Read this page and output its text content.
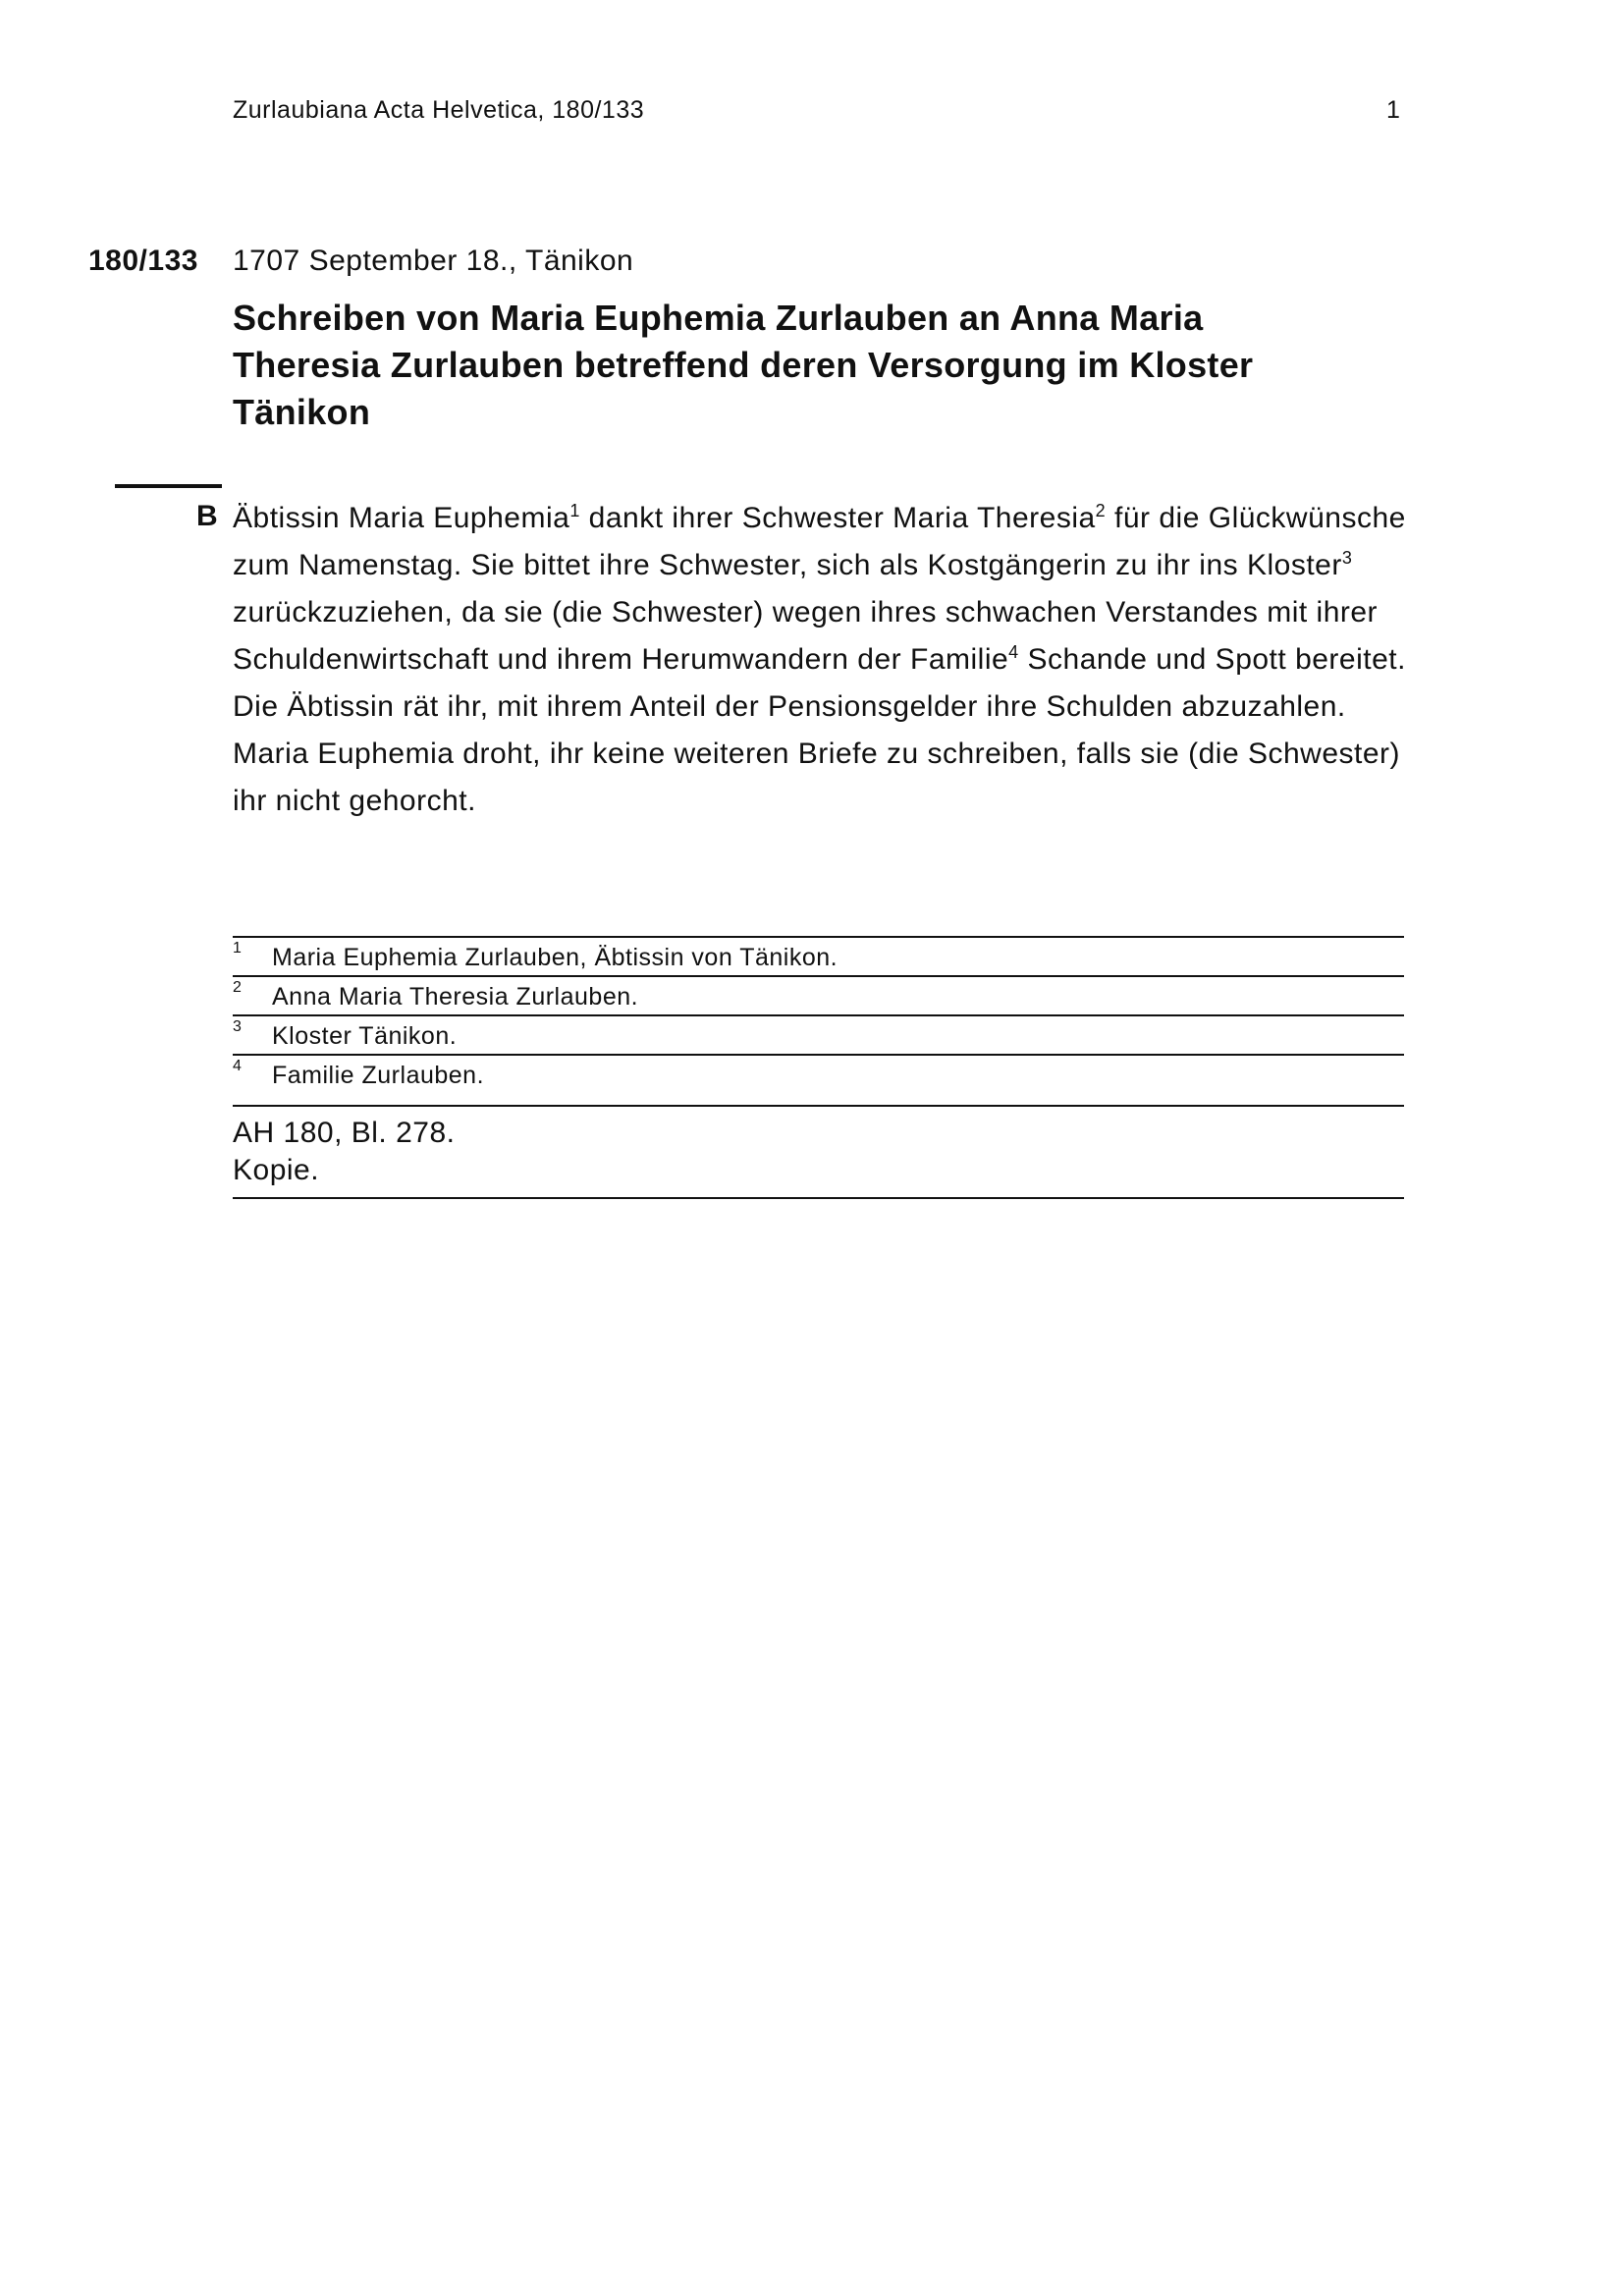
Zurlaubiana Acta Helvetica, 180/133	1
180/133 1707 September 18., Tänikon
Schreiben von Maria Euphemia Zurlauben an Anna Maria Theresia Zurlauben betreffend deren Versorgung im Kloster Tänikon
B Äbtissin Maria Euphemia$^1$ dankt ihrer Schwester Maria Theresia$^2$ für die Glückwünsche zum Namenstag. Sie bittet ihre Schwester, sich als Kostgängerin zu ihr ins Kloster$^3$ zurückzuziehen, da sie (die Schwester) wegen ihres schwachen Verstandes mit ihrer Schuldenwirtschaft und ihrem Herumwandern der Familie$^4$ Schande und Spott bereitet. Die Äbtissin rät ihr, mit ihrem Anteil der Pensionsgelder ihre Schulden abzuzahlen.

Maria Euphemia droht, ihr keine weiteren Briefe zu schreiben, falls sie (die Schwester) ihr nicht gehorcht.

1 Maria Euphemia Zurlauben, Äbtissin von Tänikon.
2 Anna Maria Theresia Zurlauben.
3 Kloster Tänikon.
4 Familie Zurlauben.
AH 180, Bl. 278.
Kopie.
